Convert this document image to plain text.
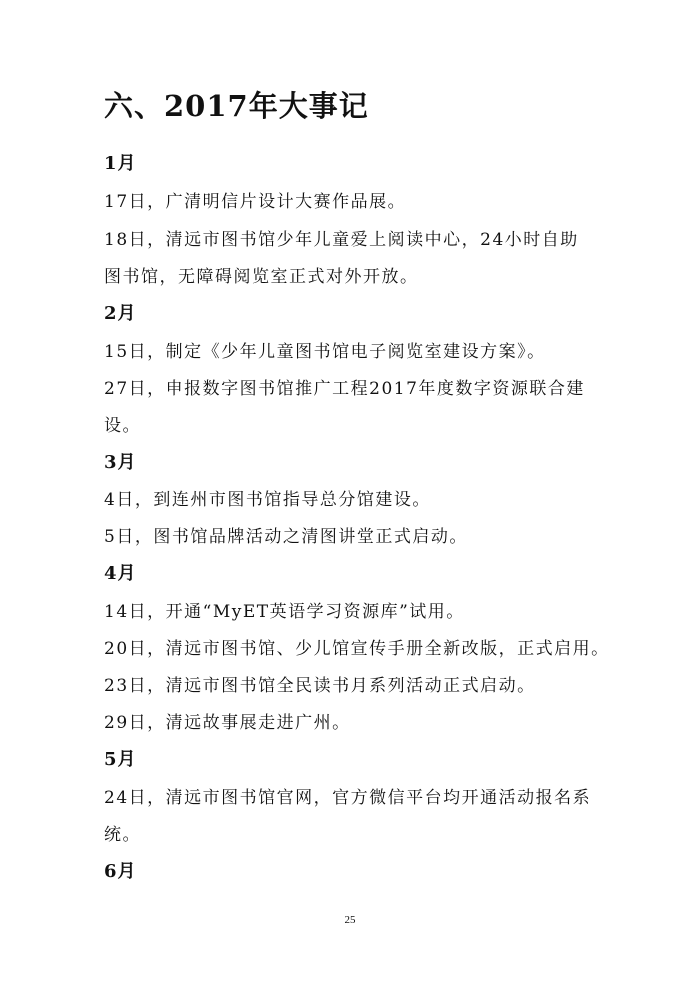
六、2017年大事记
1月
17日，广清明信片设计大赛作品展。
18日，清远市图书馆少年儿童爱上阅读中心，24小时自助
图书馆，无障碍阅览室正式对外开放。
2月
15日，制定《少年儿童图书馆电子阅览室建设方案》。
27日，申报数字图书馆推广工程2017年度数字资源联合建
设。
3月
4日，到连州市图书馆指导总分馆建设。
5日，图书馆品牌活动之清图讲堂正式启动。
4月
14日，开通“MyET英语学习资源库”试用。
20日，清远市图书馆、少儿馆宣传手册全新改版，正式启用。
23日，清远市图书馆全民读书月系列活动正式启动。
29日，清远故事展走进广州。
5月
24日，清远市图书馆官网，官方微信平台均开通活动报名系
统。
6月
25
